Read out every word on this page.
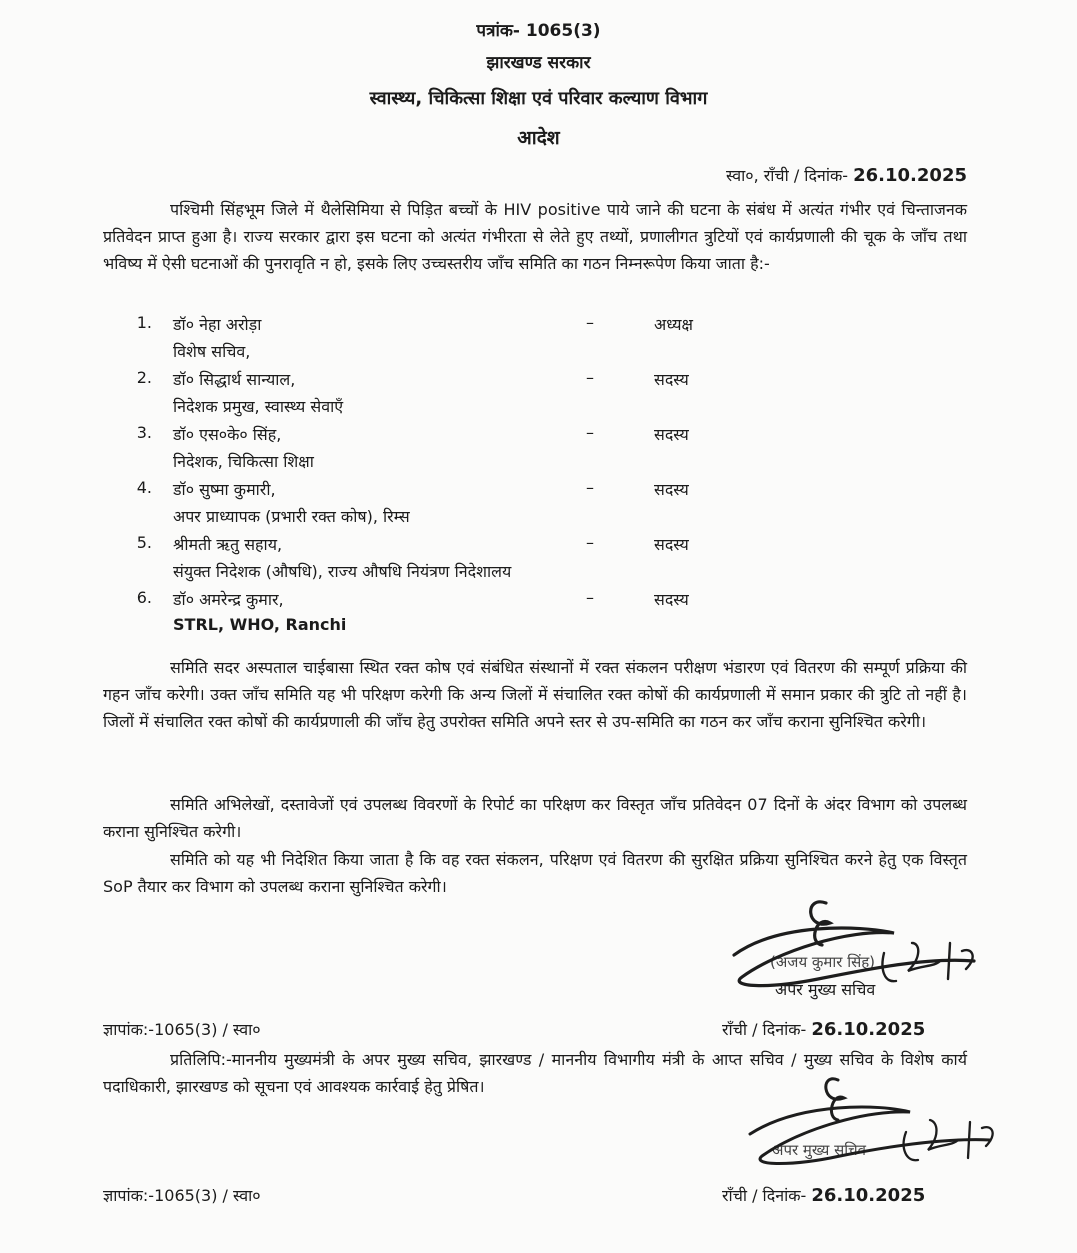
पत्रांक- 1065(3)
झारखण्ड सरकार
स्वास्थ्य, चिकित्सा शिक्षा एवं परिवार कल्याण विभाग
आदेश
स्वा०, रॉंची / दिनांक- 26.10.2025
पश्चिमी सिंहभूम जिले में थैलेसिमिया से पिड़ित बच्चों के HIV positive पाये जाने की घटना के संबंध में अत्यंत गंभीर एवं चिन्ताजनक प्रतिवेदन प्राप्त हुआ है। राज्य सरकार द्वारा इस घटना को अत्यंत गंभीरता से लेते हुए तथ्यों, प्रणालीगत त्रुटियों एवं कार्यप्रणाली की चूक के जाँच तथा भविष्य में ऐसी घटनाओं की पुनरावृति न हो, इसके लिए उच्चस्तरीय जाँच समिति का गठन निम्नरूपेण किया जाता है:-
1. डॉ० नेहा अरोड़ा	–	अध्यक्ष
विशेष सचिव,
2. डॉ० सिद्धार्थ सान्याल,	–	सदस्य
निदेशक प्रमुख, स्वास्थ्य सेवाएँ
3. डॉ० एस०के० सिंह,	–	सदस्य
निदेशक, चिकित्सा शिक्षा
4. डॉ० सुष्मा कुमारी,	–	सदस्य
अपर प्राध्यापक (प्रभारी रक्त कोष), रिम्स
5. श्रीमती ऋतु सहाय,	–	सदस्य
संयुक्त निदेशक (औषधि), राज्य औषधि नियंत्रण निदेशालय
6. डॉ० अमरेन्द्र कुमार,	–	सदस्य
STRL, WHO, Ranchi
समिति सदर अस्पताल चाईबासा स्थित रक्त कोष एवं संबंधित संस्थानों में रक्त संकलन परीक्षण भंडारण एवं वितरण की सम्पूर्ण प्रक्रिया की गहन जाँच करेगी। उक्त जाँच समिति यह भी परिक्षण करेगी कि अन्य जिलों में संचालित रक्त कोषों की कार्यप्रणाली में समान प्रकार की त्रुटि तो नहीं है। जिलों में संचालित रक्त कोषों की कार्यप्रणाली की जाँच हेतु उपरोक्त समिति अपने स्तर से उप-समिति का गठन कर जाँच कराना सुनिश्चित करेगी।
समिति अभिलेखों, दस्तावेजों एवं उपलब्ध विवरणों के रिपोर्ट का परिक्षण कर विस्तृत जाँच प्रतिवेदन 07 दिनों के अंदर विभाग को उपलब्ध कराना सुनिश्चित करेगी।
समिति को यह भी निदेशित किया जाता है कि वह रक्त संकलन, परिक्षण एवं वितरण की सुरक्षित प्रक्रिया सुनिश्चित करने हेतु एक विस्तृत SoP तैयार कर विभाग को उपलब्ध कराना सुनिश्चित करेगी।
(अजय कुमार सिंह)
अपर मुख्य सचिव
ज्ञापांक:-1065(3) / स्वा०	रॉंची / दिनांक- 26.10.2025
प्रतिलिपि:-माननीय मुख्यमंत्री के अपर मुख्य सचिव, झारखण्ड / माननीय विभागीय मंत्री के आप्त सचिव / मुख्य सचिव के विशेष कार्य पदाधिकारी, झारखण्ड को सूचना एवं आवश्यक कार्रवाई हेतु प्रेषित।
अपर मुख्य सचिव
ज्ञापांक:-1065(3) / स्वा०	रॉंची / दिनांक- 26.10.2025
